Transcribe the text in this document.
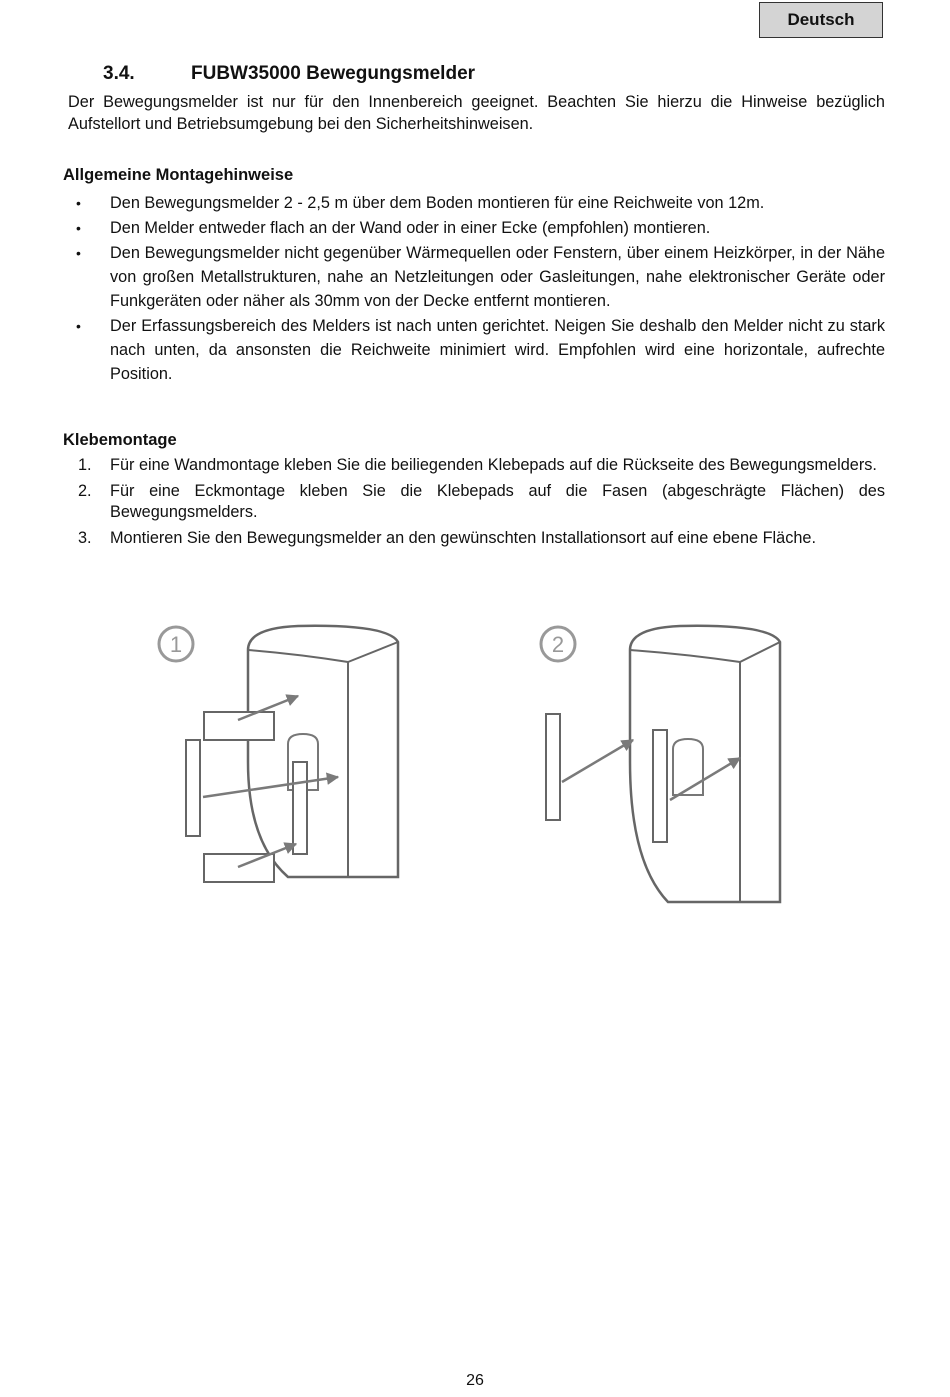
Deutsch
3.4.	FUBW35000 Bewegungsmelder
Der Bewegungsmelder ist nur für den Innenbereich geeignet. Beachten Sie hierzu die Hinweise bezüglich Aufstellort und Betriebsumgebung bei den Sicherheitshinweisen.
Allgemeine Montagehinweise
• Den Bewegungsmelder 2 - 2,5 m über dem Boden montieren für eine Reichweite von 12m.
• Den Melder entweder flach an der Wand oder in einer Ecke (empfohlen) montieren.
• Den Bewegungsmelder nicht gegenüber Wärmequellen oder Fenstern, über einem Heizkörper, in der Nähe von großen Metallstrukturen, nahe an Netzleitungen oder Gasleitungen, nahe elektronischer Geräte oder Funkgeräten oder näher als 30mm von der Decke entfernt montieren.
• Der Erfassungsbereich des Melders ist nach unten gerichtet. Neigen Sie deshalb den Melder nicht zu stark nach unten, da ansonsten die Reichweite minimiert wird. Empfohlen wird eine horizontale, aufrechte Position.
Klebemontage
1. Für eine Wandmontage kleben Sie die beiliegenden Klebepads auf die Rückseite des Bewegungsmelders.
2. Für eine Eckmontage kleben Sie die Klebepads auf die Fasen (abgeschrägte Flächen) des Bewegungsmelders.
3. Montieren Sie den Bewegungsmelder an den gewünschten Installationsort auf eine ebene Fläche.
1	2
26
